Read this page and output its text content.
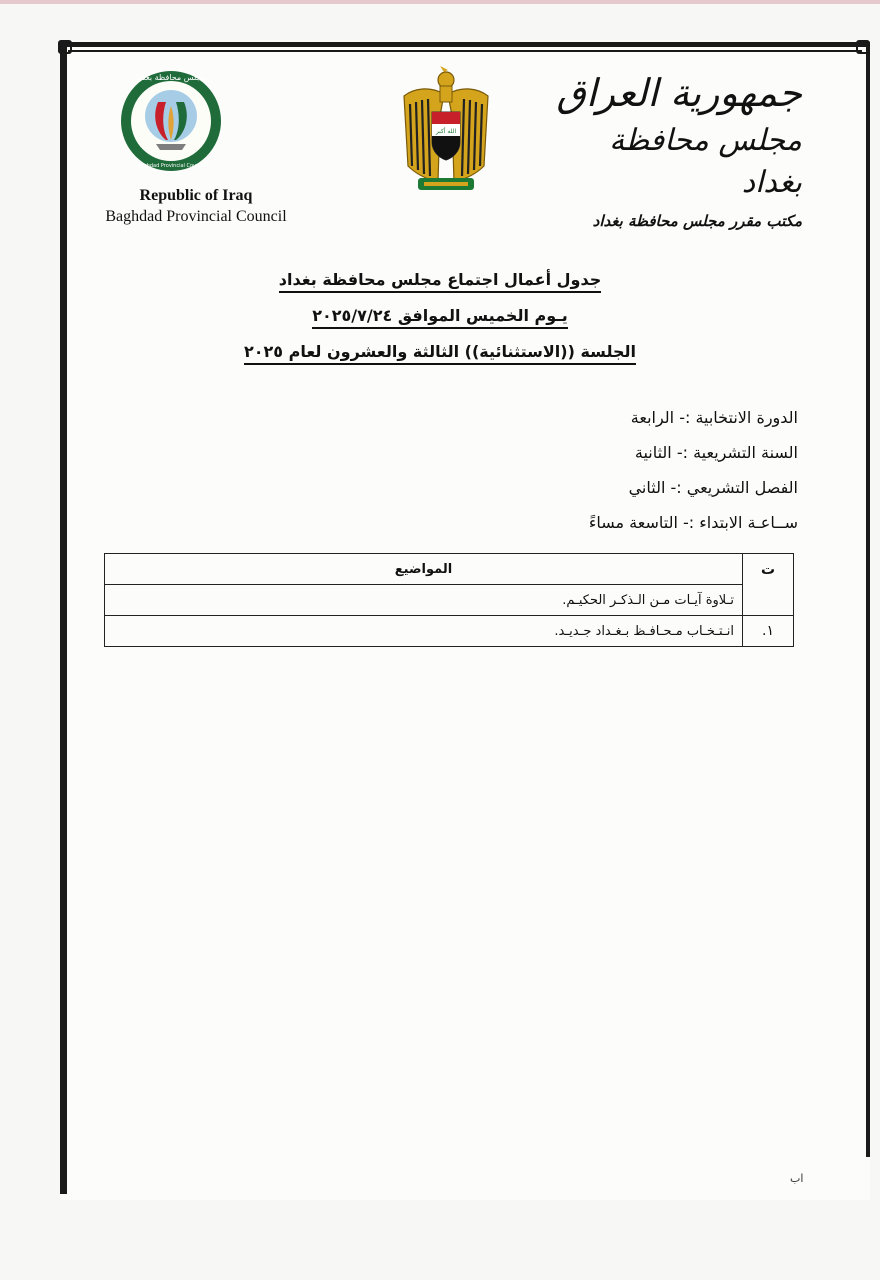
جمهورية العراق
مجلس محافظة بغداد
مكتب مقرر مجلس محافظة بغداد
الله أكبر
مجلس محافظة بغداد
Baghdad Provincial Council
Republic of Iraq
Baghdad Provincial Council
جدول أعمال اجتماع مجلس محافظة بغداد
يـوم الخميس الموافق ٢٠٢٥/٧/٢٤
الجلسة ((الاستثنائية)) الثالثة والعشرون لعام ٢٠٢٥
الدورة الانتخابية :- الرابعة
السنة التشريعية :- الثانية
الفصل التشريعي :- الثاني
ســاعـة الابتداء :- التاسعة مساءً
ت	المواضيع
	تـلاوة آيـات مـن الـذكـر الحكيـم.
١.	انـتـخـاب مـحـافـظ بـغـداد جـديـد.
اب
